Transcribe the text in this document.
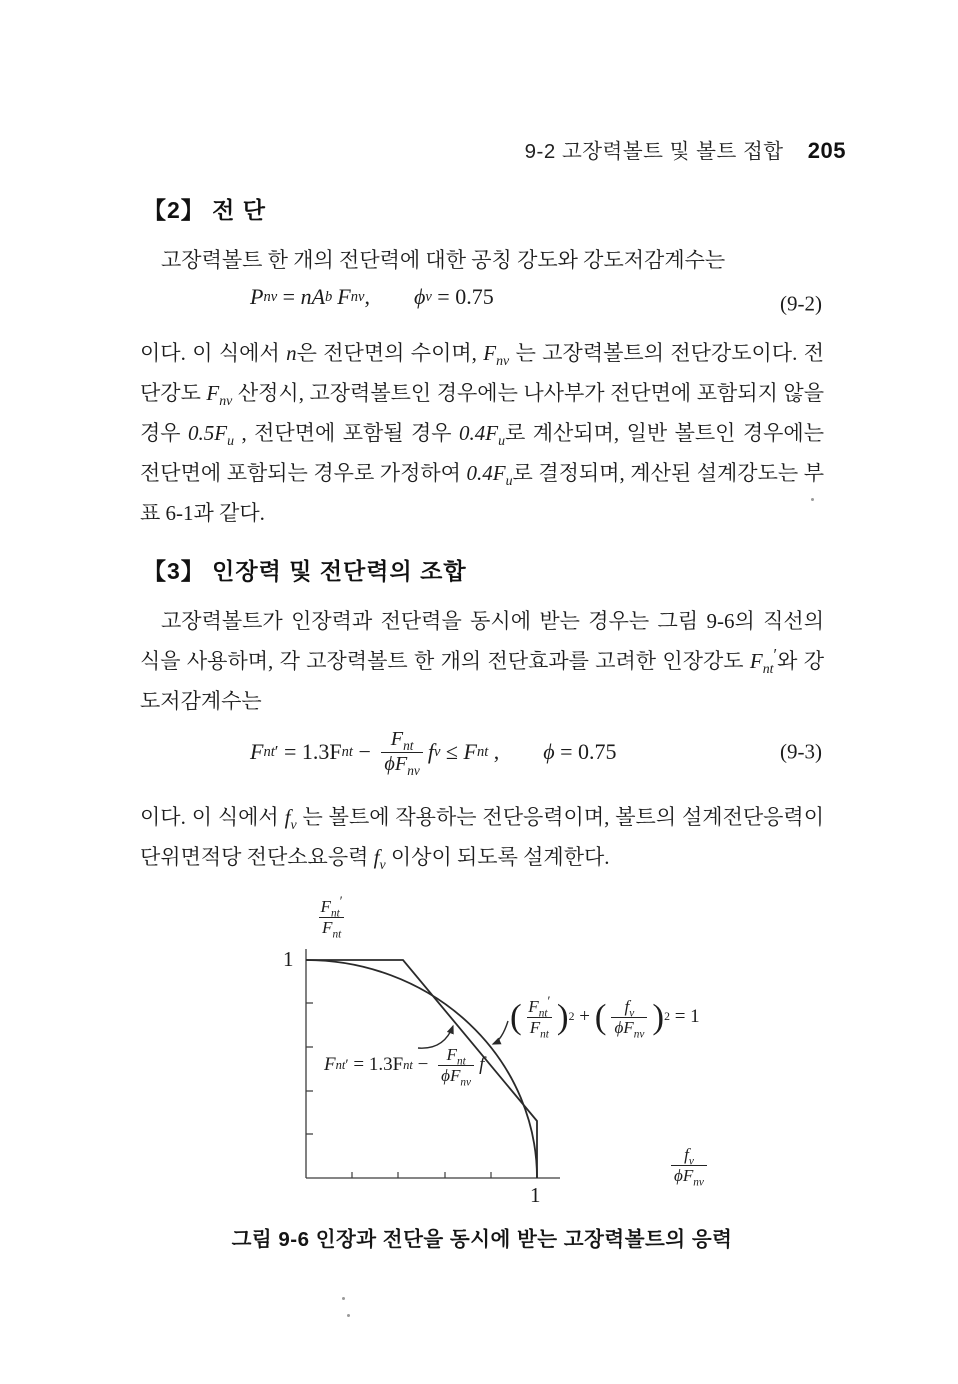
9-2 고장력볼트 및 볼트 접합 205
【2】 전 단
고장력볼트 한 개의 전단력에 대한 공칭 강도와 강도저감계수는
P nv = nA b F nv , ϕ v = 0.75	(9-2)
이다. 이 식에서 n은 전단면의 수이며, $F_{nv}$ 는 고장력볼트의 전단강도이다. 전단강도 $F_{nv}$ 산정시, 고장력볼트인 경우에는 나사부가 전단면에 포함되지 않을 경우 $0.5F_u$ , 전단면에 포함될 경우 $0.4F_u$로 계산되며, 일반 볼트인 경우에는 전단면에 포함되는 경우로 가정하여 $0.4F_u$로 결정되며, 계산된 설계강도는 부표 6-1과 같다.
【3】 인장력 및 전단력의 조합
고장력볼트가 인장력과 전단력을 동시에 받는 경우는 그림 9-6의 직선의 식을 사용하며, 각 고장력볼트 한 개의 전단효과를 고려한 인장강도 $F_{nt}'$와 강도저감계수는
F nt ′ = 1.3F nt − $\frac{F_{nt}}{\phi F_{nv}}$ f v ≤ F nt , ϕ = 0.75	(9-3)
이다. 이 식에서 $f_v$ 는 볼트에 작용하는 전단응력이며, 볼트의 설계전단응력이 단위면적당 전단소요응력 $f_v$ 이상이 되도록 설계한다.
$\frac{F_{nt}'}{F_{nt}}$
1
F nt ′ = 1.3F nt − $\frac{F_{nt}}{\phi F_{nv}}$ f
( $\frac{F_{nt}'}{F_{nt}}$ ) 2 + ( $\frac{f_v}{\phi F_{nv}}$ ) 2 = 1
1
$\frac{f_v}{\phi F_{nv}}$
그림 9-6 인장과 전단을 동시에 받는 고장력볼트의 응력
